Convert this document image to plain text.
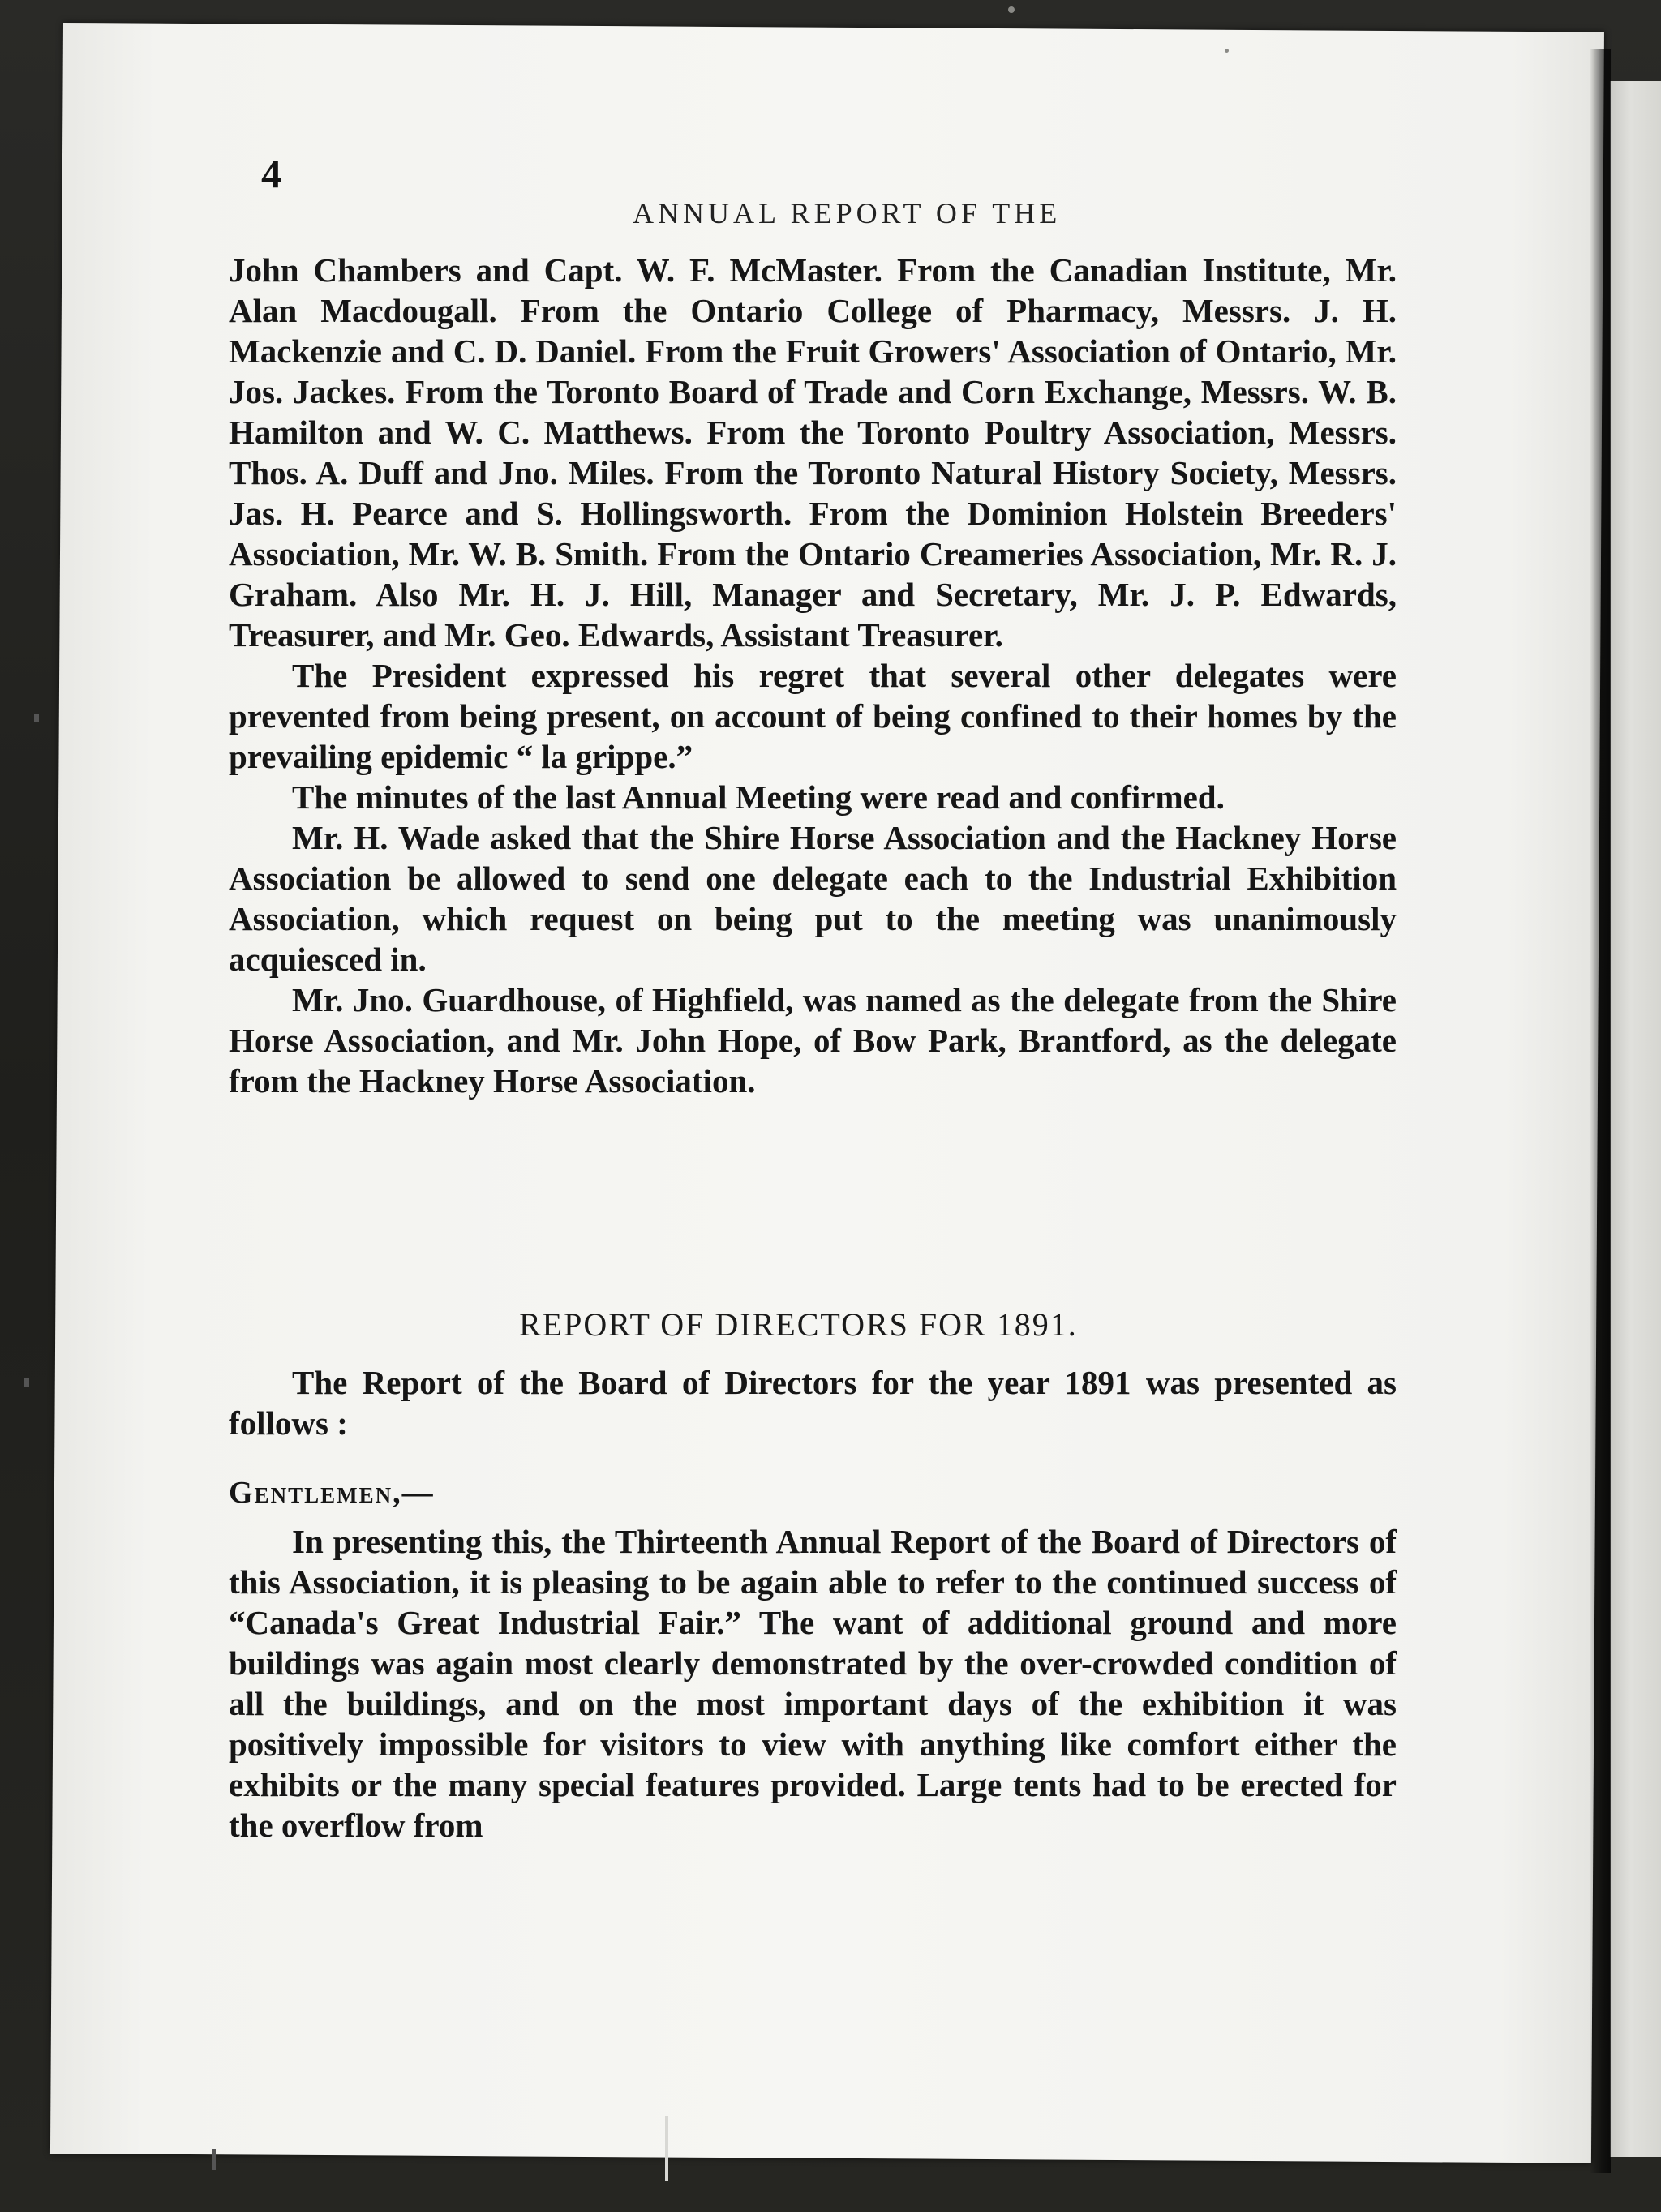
4
ANNUAL REPORT OF THE

John Chambers and Capt. W. F. McMaster. From the Canadian Institute, Mr. Alan Macdougall. From the Ontario College of Pharmacy, Messrs. J. H. Mackenzie and C. D. Daniel. From the Fruit Growers' Association of Ontario, Mr. Jos. Jackes. From the Toronto Board of Trade and Corn Exchange, Messrs. W. B. Hamilton and W. C. Matthews. From the Toronto Poultry Association, Messrs. Thos. A. Duff and Jno. Miles. From the Toronto Natural History Society, Messrs. Jas. H. Pearce and S. Hollingsworth. From the Dominion Holstein Breeders' Association, Mr. W. B. Smith. From the Ontario Creameries Association, Mr. R. J. Graham. Also Mr. H. J. Hill, Manager and Secretary, Mr. J. P. Edwards, Treasurer, and Mr. Geo. Edwards, Assistant Treasurer.

The President expressed his regret that several other delegates were prevented from being present, on account of being confined to their homes by the prevailing epidemic “ la grippe.”

The minutes of the last Annual Meeting were read and confirmed.

Mr. H. Wade asked that the Shire Horse Association and the Hackney Horse Association be allowed to send one delegate each to the Industrial Exhibition Association, which request on being put to the meeting was unanimously acquiesced in.

Mr. Jno. Guardhouse, of Highfield, was named as the delegate from the Shire Horse Association, and Mr. John Hope, of Bow Park, Brantford, as the delegate from the Hackney Horse Association.

REPORT OF DIRECTORS FOR 1891.

The Report of the Board of Directors for the year 1891 was presented as follows :

Gentlemen,—

In presenting this, the Thirteenth Annual Report of the Board of Directors of this Association, it is pleasing to be again able to refer to the continued success of “Canada's Great Industrial Fair.” The want of additional ground and more buildings was again most clearly demonstrated by the over-crowded condition of all the buildings, and on the most important days of the exhibition it was positively impossible for visitors to view with anything like comfort either the exhibits or the many special features provided. Large tents had to be erected for the overflow from
